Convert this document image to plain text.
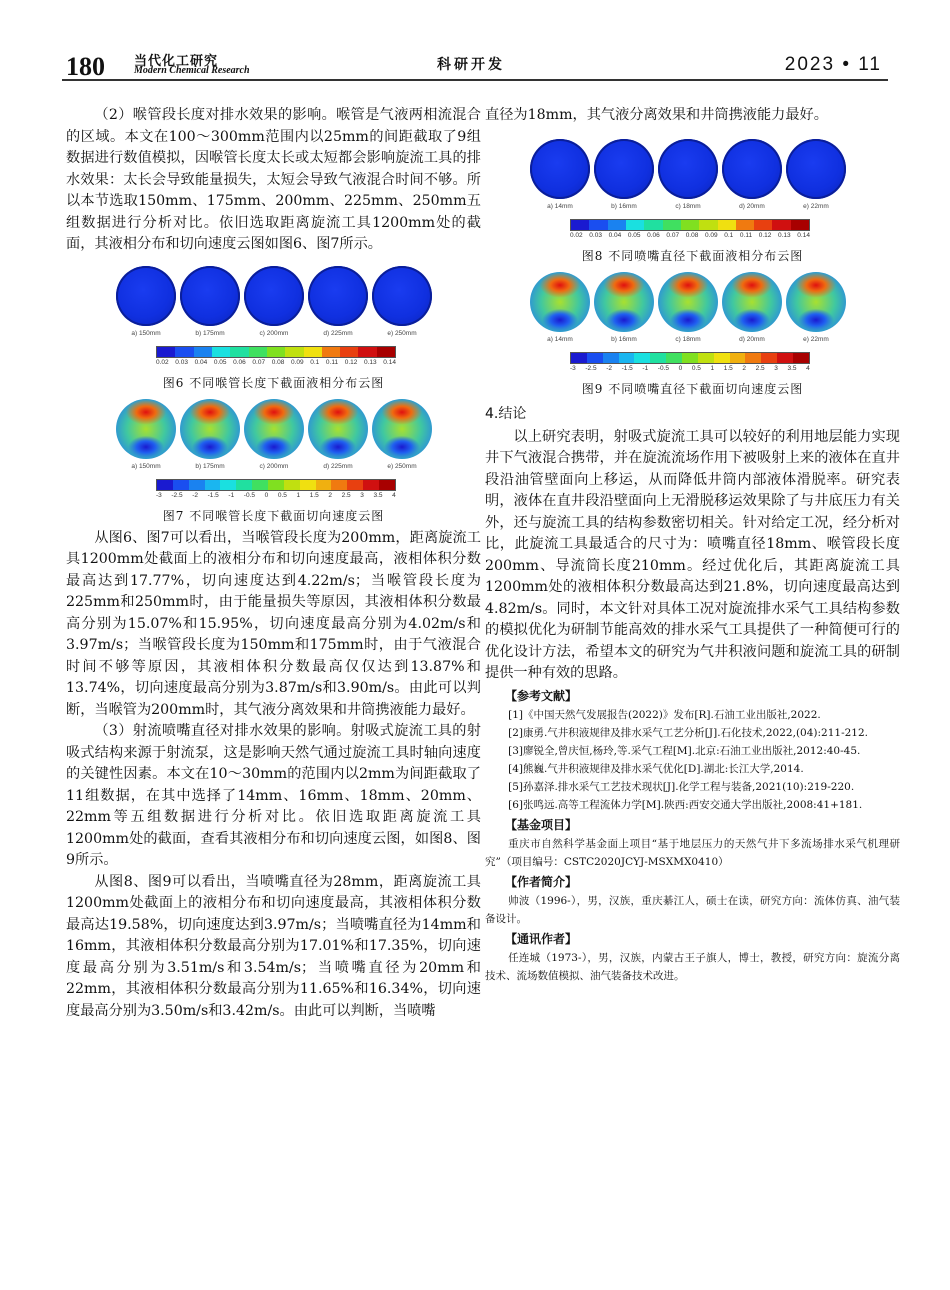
180 当代化工研究
Modern Chemical Research	科研开发	2023 • 11

（2）喉管段长度对排水效果的影响。喉管是气液两相流混合的区域。本文在100～300mm范围内以25mm的间距截取了9组数据进行数值模拟，因喉管长度太长或太短都会影响旋流工具的排水效果：太长会导致能量损失，太短会导致气液混合时间不够。所以本节选取150mm、175mm、200mm、225mm、250mm五组数据进行分析对比。依旧选取距离旋流工具1200mm处的截面，其液相分布和切向速度云图如图6、图7所示。

a) 150mm	b) 175mm	c) 200mm	d) 225mm	e) 250mm
0.02 0.03 0.04 0.05 0.06 0.07 0.08 0.09 0.1 0.11 0.12 0.13 0.14
图6 不同喉管长度下截面液相分布云图
a) 150mm	b) 175mm	c) 200mm	d) 225mm	e) 250mm
-3 -2.5 -2 -1.5 -1 -0.5 0 0.5 1 1.5 2 2.5 3 3.5 4
图7 不同喉管长度下截面切向速度云图

从图6、图7可以看出，当喉管段长度为200mm，距离旋流工具1200mm处截面上的液相分布和切向速度最高，液相体积分数最高达到17.77%，切向速度达到4.22m/s；当喉管段长度为225mm和250mm时，由于能量损失等原因，其液相体积分数最高分别为15.07%和15.95%，切向速度最高分别为4.02m/s和3.97m/s；当喉管段长度为150mm和175mm时，由于气液混合时间不够等原因，其液相体积分数最高仅仅达到13.87%和13.74%，切向速度最高分别为3.87m/s和3.90m/s。由此可以判断，当喉管为200mm时，其气液分离效果和井筒携液能力最好。

（3）射流喷嘴直径对排水效果的影响。射吸式旋流工具的射吸式结构来源于射流泵，这是影响天然气通过旋流工具时轴向速度的关键性因素。本文在10～30mm的范围内以2mm为间距截取了11组数据，在其中选择了14mm、16mm、18mm、20mm、22mm等五组数据进行分析对比。依旧选取距离旋流工具1200mm处的截面，查看其液相分布和切向速度云图，如图8、图9所示。

从图8、图9可以看出，当喷嘴直径为28mm，距离旋流工具1200mm处截面上的液相分布和切向速度最高，其液相体积分数最高达19.58%，切向速度达到3.97m/s；当喷嘴直径为14mm和16mm，其液相体积分数最高分别为17.01%和17.35%，切向速度最高分别为3.51m/s和3.54m/s；当喷嘴直径为20mm和22mm，其液相体积分数最高分别为11.65%和16.34%，切向速度最高分别为3.50m/s和3.42m/s。由此可以判断，当喷嘴

直径为18mm，其气液分离效果和井筒携液能力最好。

a) 14mm	b) 16mm	c) 18mm	d) 20mm	e) 22mm
0.02 0.03 0.04 0.05 0.06 0.07 0.08 0.09 0.1 0.11 0.12 0.13 0.14
图8 不同喷嘴直径下截面液相分布云图
a) 14mm	b) 16mm	c) 18mm	d) 20mm	e) 22mm
-3 -2.5 -2 -1.5 -1 -0.5 0 0.5 1 1.5 2 2.5 3 3.5 4
图9 不同喷嘴直径下截面切向速度云图
4.结论

以上研究表明，射吸式旋流工具可以较好的利用地层能力实现井下气液混合携带，并在旋流流场作用下被吸射上来的液体在直井段沿油管壁面向上移运，从而降低井筒内部液体滑脱率。研究表明，液体在直井段沿壁面向上无滑脱移运效果除了与井底压力有关外，还与旋流工具的结构参数密切相关。针对给定工况，经分析对比，此旋流工具最适合的尺寸为：喷嘴直径18mm、喉管段长度200mm、导流筒长度210mm。经过优化后，其距离旋流工具1200mm处的液相体积分数最高达到21.8%，切向速度最高达到4.82m/s。同时，本文针对具体工况对旋流排水采气工具结构参数的模拟优化为研制节能高效的排水采气工具提供了一种简便可行的优化设计方法，希望本文的研究为气井积液问题和旋流工具的研制提供一种有效的思路。

【参考文献】

[1]《中国天然气发展报告(2022)》发布[R].石油工业出版社,2022.

[2]康勇.气井积液规律及排水采气工艺分析[J].石化技术,2022,(04):211-212.

[3]廖锐全,曾庆恒,杨玲,等.采气工程[M].北京:石油工业出版社,2012:40-45.

[4]熊巍.气井积液规律及排水采气优化[D].湖北:长江大学,2014.

[5]孙嘉泽.排水采气工艺技术现状[J].化学工程与装备,2021(10):219-220.

[6]张鸣远.高等工程流体力学[M].陕西:西安交通大学出版社,2008:41+181.

【基金项目】

重庆市自然科学基金面上项目“基于地层压力的天然气井下多流场排水采气机理研究”（项目编号：CSTC2020JCYJ-MSXMX0410）

【作者简介】

帅波（1996-），男，汉族，重庆綦江人，硕士在读，研究方向：流体仿真、油气装备设计。

【通讯作者】

任连城（1973-），男，汉族，内蒙古王子旗人，博士，教授，研究方向：旋流分离技术、流场数值模拟、油气装备技术改进。
